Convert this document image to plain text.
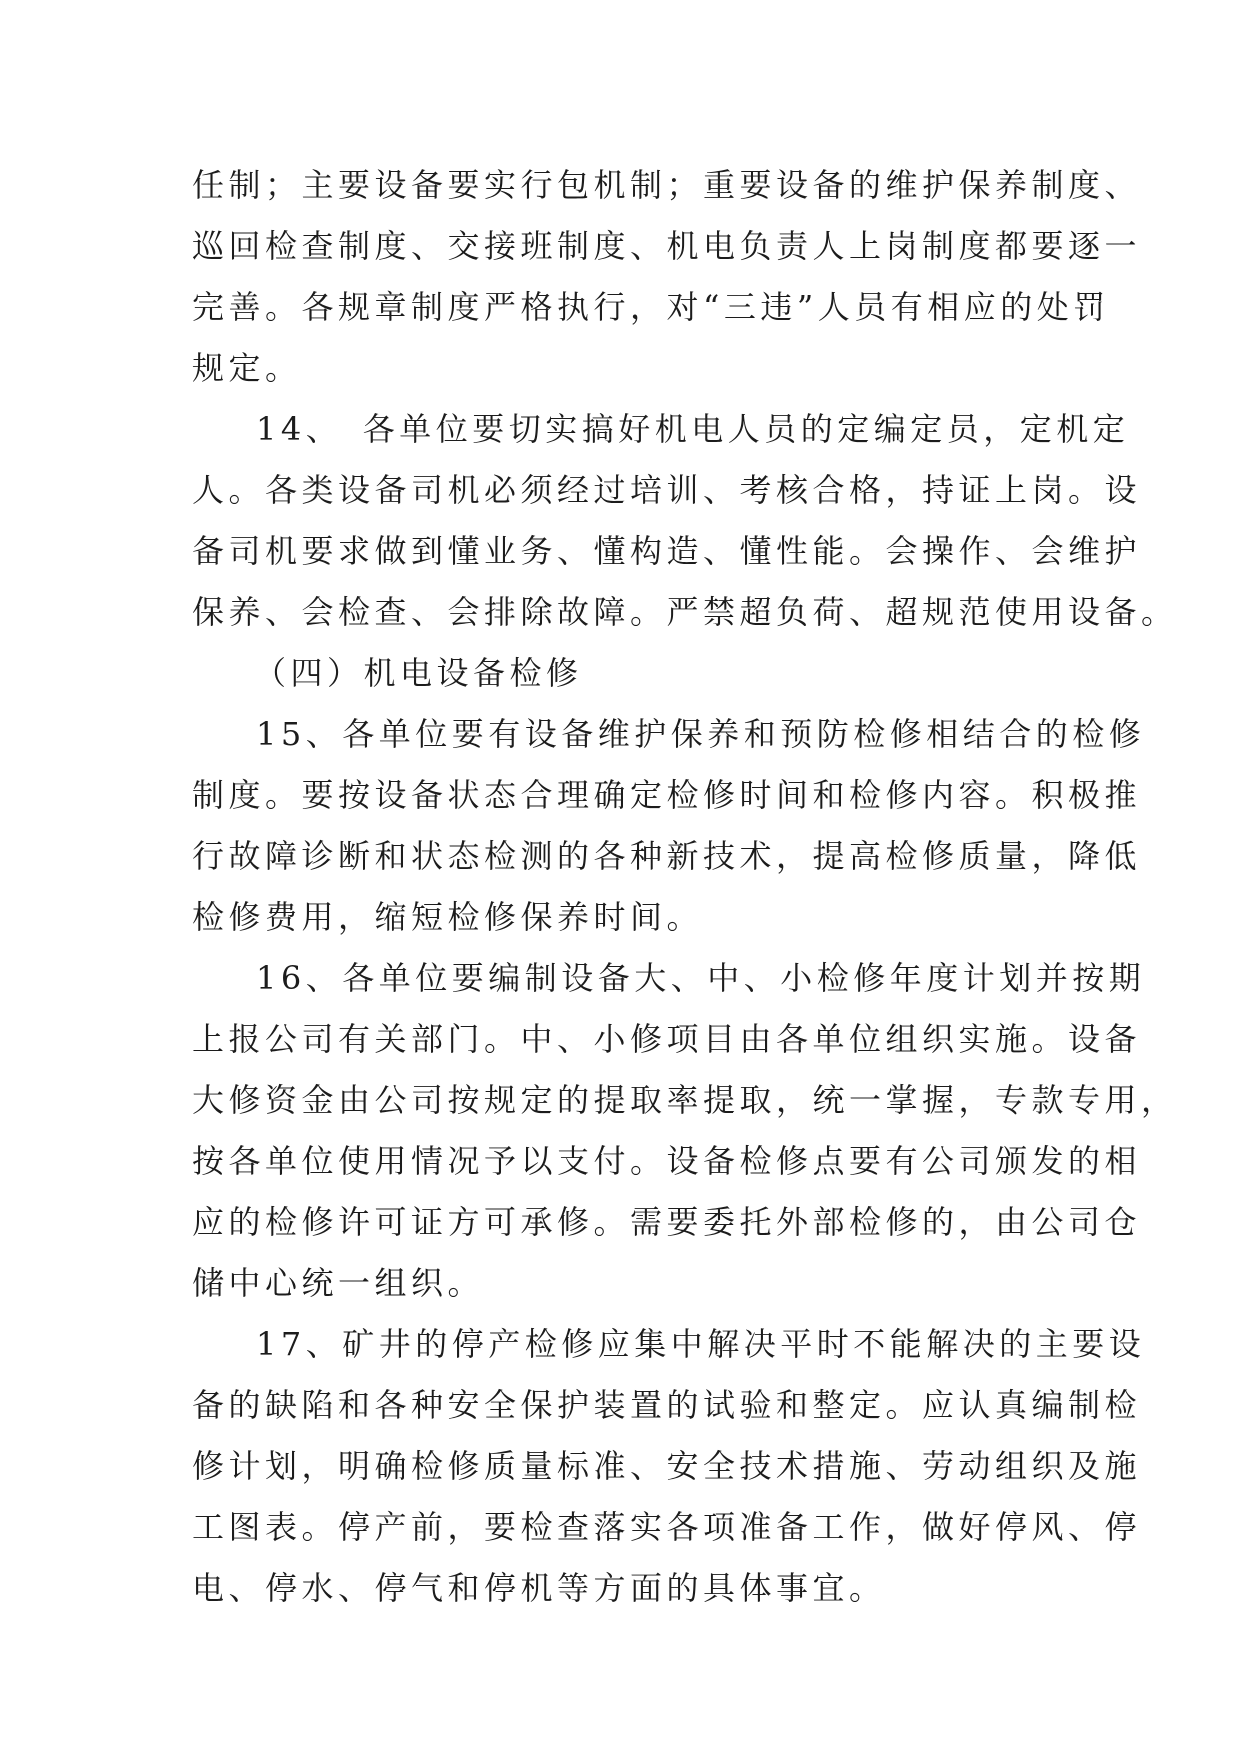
任制；主要设备要实行包机制；重要设备的维护保养制度、
巡回检查制度、交接班制度、机电负责人上岗制度都要逐一
完善。各规章制度严格执行，对“三违”人员有相应的处罚
规定。
14、　各单位要切实搞好机电人员的定编定员，定机定
人。各类设备司机必须经过培训、考核合格，持证上岗。设
备司机要求做到懂业务、懂构造、懂性能。会操作、会维护
保养、会检查、会排除故障。严禁超负荷、超规范使用设备。
（四）机电设备检修
15、各单位要有设备维护保养和预防检修相结合的检修
制度。要按设备状态合理确定检修时间和检修内容。积极推
行故障诊断和状态检测的各种新技术，提高检修质量，降低
检修费用，缩短检修保养时间。
16、各单位要编制设备大、中、小检修年度计划并按期
上报公司有关部门。中、小修项目由各单位组织实施。设备
大修资金由公司按规定的提取率提取，统一掌握，专款专用，
按各单位使用情况予以支付。设备检修点要有公司颁发的相
应的检修许可证方可承修。需要委托外部检修的，由公司仓
储中心统一组织。
17、矿井的停产检修应集中解决平时不能解决的主要设
备的缺陷和各种安全保护装置的试验和整定。应认真编制检
修计划，明确检修质量标准、安全技术措施、劳动组织及施
工图表。停产前，要检查落实各项准备工作，做好停风、停
电、停水、停气和停机等方面的具体事宜。
